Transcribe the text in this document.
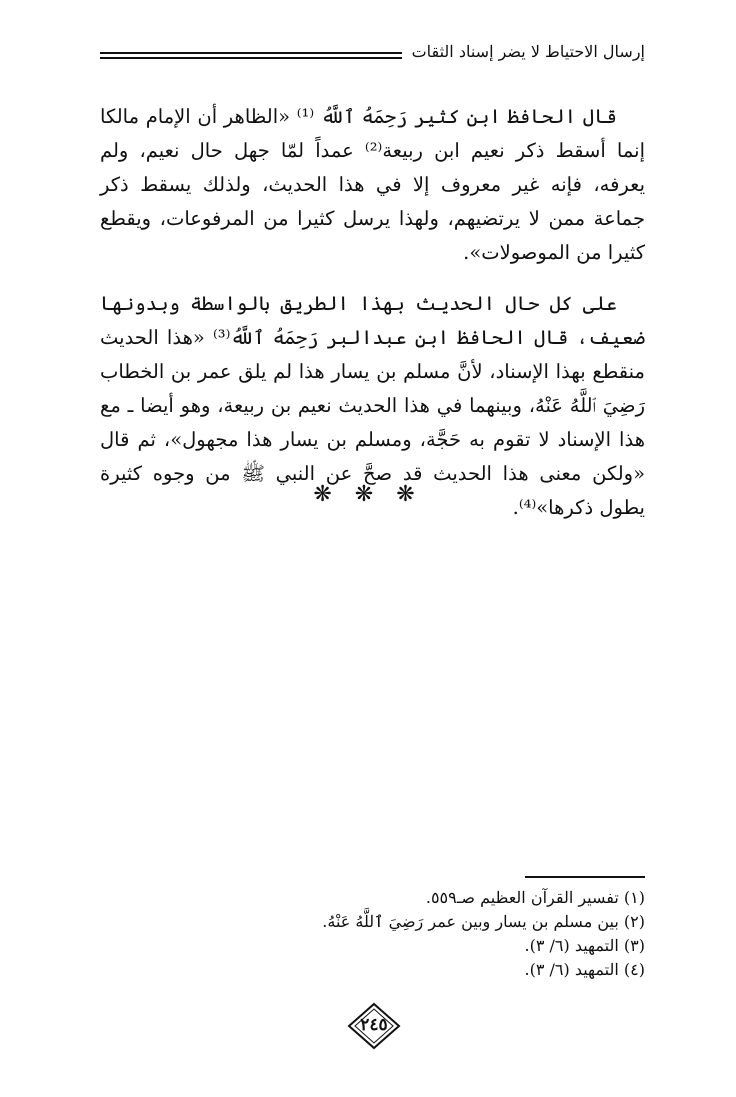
إرسال الاحتياط لا يضر إسناد الثقات

قال الحافظ ابن كثير رَحِمَهُ ٱللَّهُ ⁽¹⁾ «الظاهر أن الإمام مالكا إنما أسقط ذكر نعيم ابن ربيعة⁽²⁾ عمداً لمّا جهل حال نعيم، ولم يعرفه، فإنه غير معروف إلا في هذا الحديث، ولذلك يسقط ذكر جماعة ممن لا يرتضيهم، ولهذا يرسل كثيرا من المرفوعات، ويقطع كثيرا من الموصولات».

على كل حال الحديث بهذا الطريق بالواسطة وبدونها ضعيف، قال الحافظ ابن عبدالبر رَحِمَهُ ٱللَّهُ⁽³⁾ «هذا الحديث منقطع بهذا الإسناد، لأنَّ مسلم بن يسار هذا لم يلق عمر بن الخطاب رَضِيَ ٱللَّهُ عَنْهُ، وبينهما في هذا الحديث نعيم بن ربيعة، وهو أيضا ـ مع هذا الإسناد لا تقوم به حَجَّة، ومسلم بن يسار هذا مجهول»، ثم قال «ولكن معنى هذا الحديث قد صحَّ عن النبي ﷺ من وجوه كثيرة يطول ذكرها»⁽⁴⁾.

❋ ❋ ❋
(١) تفسير القرآن العظيم صـ٥٥٩.
(٢) بين مسلم بن يسار وبين عمر رَضِيَ ٱللَّهُ عَنْهُ.
(٣) التمهيد (٦/ ٣).
(٤) التمهيد (٦/ ٣).
٢٤٥
